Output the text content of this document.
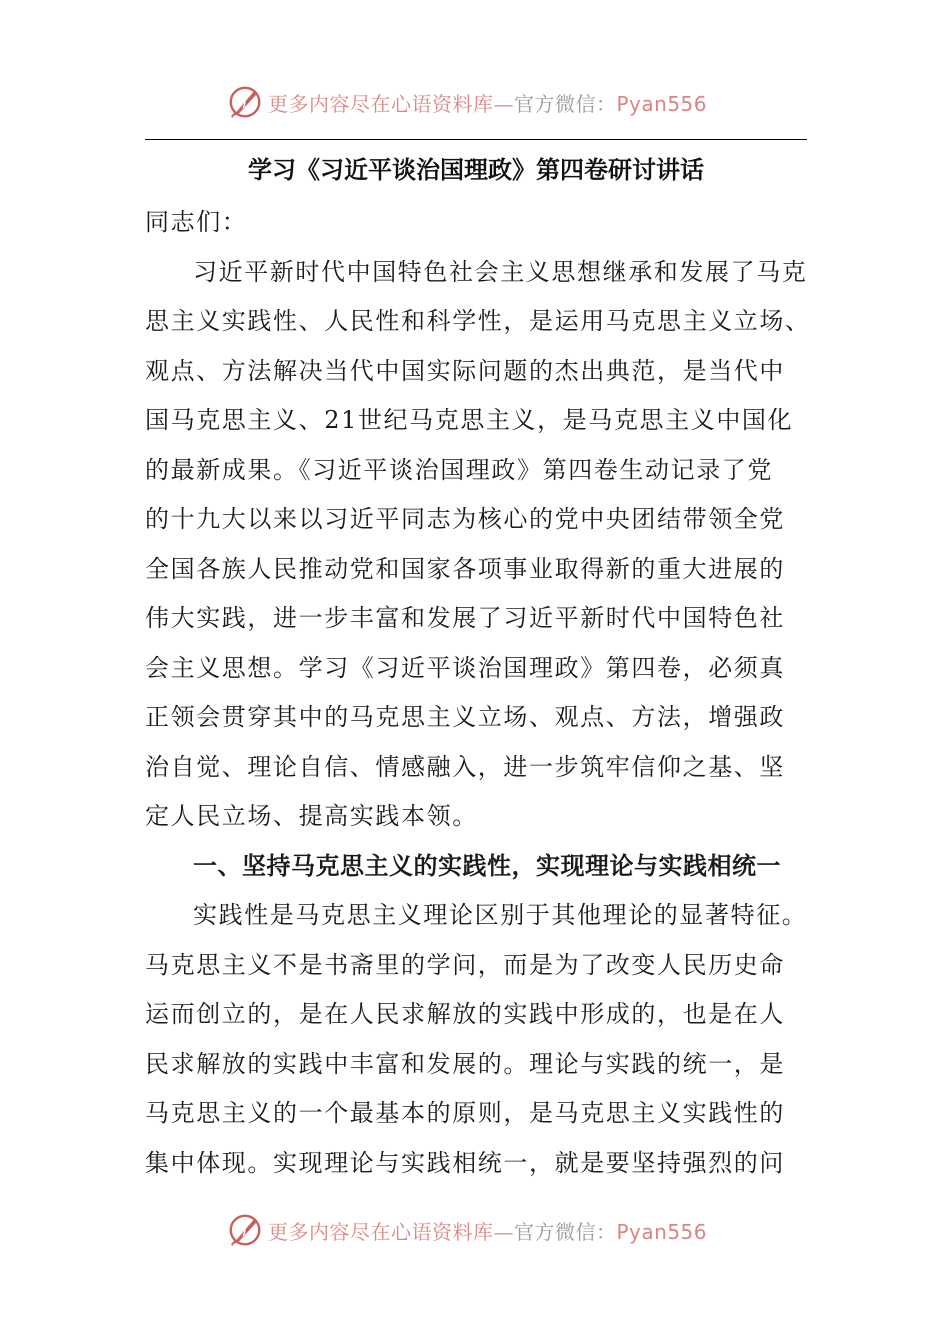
更多内容尽在心语资料库—官方微信：Pyan556
学习《习近平谈治国理政》第四卷研讨讲话
同志们：
习近平新时代中国特色社会主义思想继承和发展了马克
思主义实践性、人民性和科学性，是运用马克思主义立场、
观点、方法解决当代中国实际问题的杰出典范，是当代中
国马克思主义、21世纪马克思主义，是马克思主义中国化
的最新成果。《习近平谈治国理政》第四卷生动记录了党
的十九大以来以习近平同志为核心的党中央团结带领全党
全国各族人民推动党和国家各项事业取得新的重大进展的
伟大实践，进一步丰富和发展了习近平新时代中国特色社
会主义思想。学习《习近平谈治国理政》第四卷，必须真
正领会贯穿其中的马克思主义立场、观点、方法，增强政
治自觉、理论自信、情感融入，进一步筑牢信仰之基、坚
定人民立场、提高实践本领。
一、坚持马克思主义的实践性，实现理论与实践相统一
实践性是马克思主义理论区别于其他理论的显著特征。
马克思主义不是书斋里的学问，而是为了改变人民历史命
运而创立的，是在人民求解放的实践中形成的，也是在人
民求解放的实践中丰富和发展的。理论与实践的统一，是
马克思主义的一个最基本的原则，是马克思主义实践性的
集中体现。实现理论与实践相统一，就是要坚持强烈的问
更多内容尽在心语资料库—官方微信：Pyan556
